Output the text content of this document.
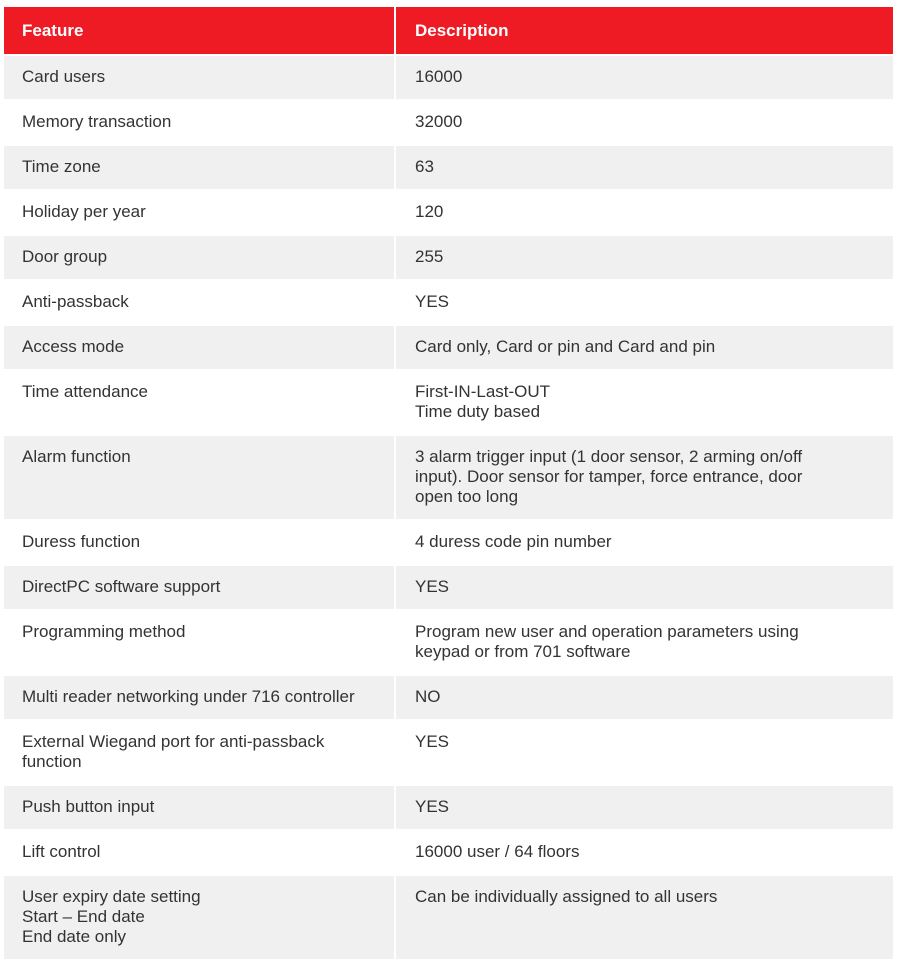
Feature	Description

Card users	16000

Memory transaction	32000

Time zone	63

Holiday per year	120

Door group	255

Anti-passback	YES

Access mode	Card only, Card or pin and Card and pin

Time attendance	First-IN-Last-OUT
Time duty based

Alarm function	3 alarm trigger input (1 door sensor, 2 arming on/off input). Door sensor for tamper, force entrance, door open too long

Duress function	4 duress code pin number

DirectPC software support	YES

Programming method	Program new user and operation parameters using keypad or from 701 software

Multi reader networking under 716 controller	NO

External Wiegand port for anti-passback function	YES

Push button input	YES

Lift control	16000 user / 64 floors

User expiry date setting
Start – End date
End date only	Can be individually assigned to all users
